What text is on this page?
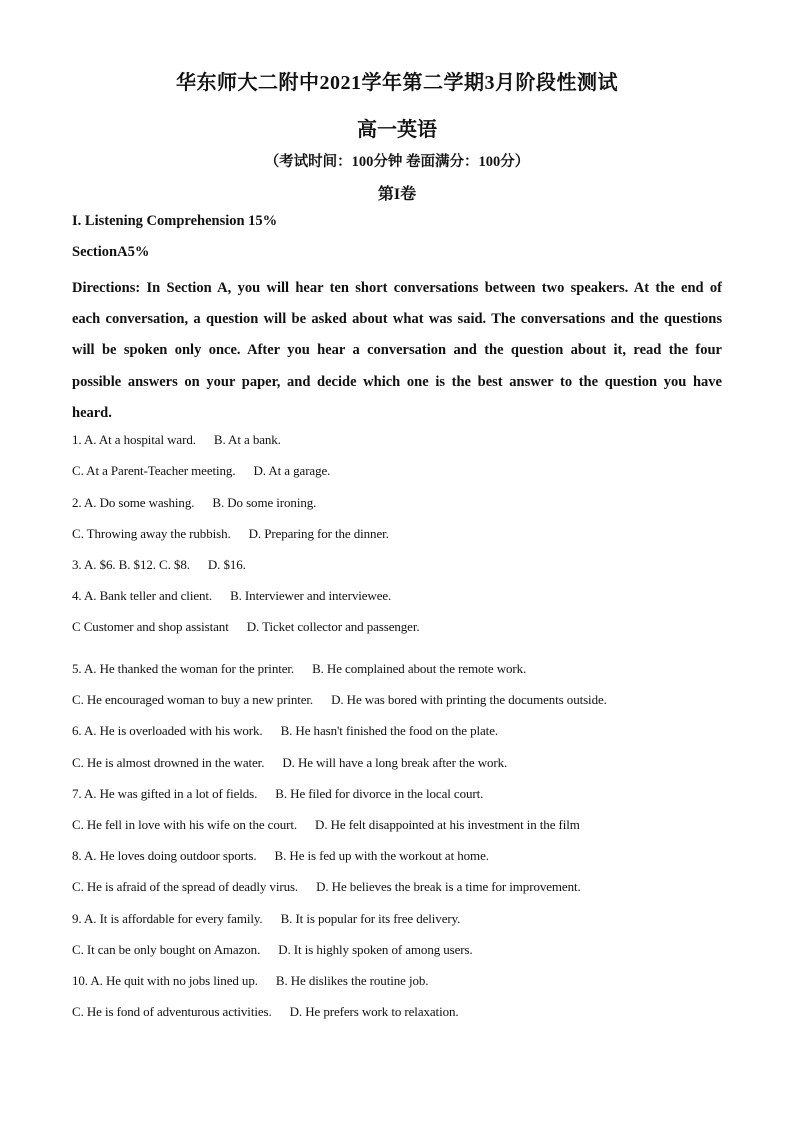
华东师大二附中2021学年第二学期3月阶段性测试
高一英语
（考试时间：100分钟 卷面满分：100分）
第I卷
I. Listening Comprehension 15%
SectionA5%
Directions: In Section A, you will hear ten short conversations between two speakers. At the end of each conversation, a question will be asked about what was said. The conversations and the questions will be spoken only once. After you hear a conversation and the question about it, read the four possible answers on your paper, and decide which one is the best answer to the question you have heard.
1. A. At a hospital ward. B. At a bank.
C. At a Parent-Teacher meeting. D. At a garage.
2. A. Do some washing. B. Do some ironing.
C. Throwing away the rubbish. D. Preparing for the dinner.
3. A. $6. B. $12. C. $8. D. $16.
4. A. Bank teller and client. B. Interviewer and interviewee.
C Customer and shop assistant D. Ticket collector and passenger.
5. A. He thanked the woman for the printer. B. He complained about the remote work.
C. He encouraged woman to buy a new printer. D. He was bored with printing the documents outside.
6. A. He is overloaded with his work. B. He hasn't finished the food on the plate.
C. He is almost drowned in the water. D. He will have a long break after the work.
7. A. He was gifted in a lot of fields. B. He filed for divorce in the local court.
C. He fell in love with his wife on the court. D. He felt disappointed at his investment in the film
8. A. He loves doing outdoor sports. B. He is fed up with the workout at home.
C. He is afraid of the spread of deadly virus. D. He believes the break is a time for improvement.
9. A. It is affordable for every family. B. It is popular for its free delivery.
C. It can be only bought on Amazon. D. It is highly spoken of among users.
10. A. He quit with no jobs lined up. B. He dislikes the routine job.
C. He is fond of adventurous activities. D. He prefers work to relaxation.
